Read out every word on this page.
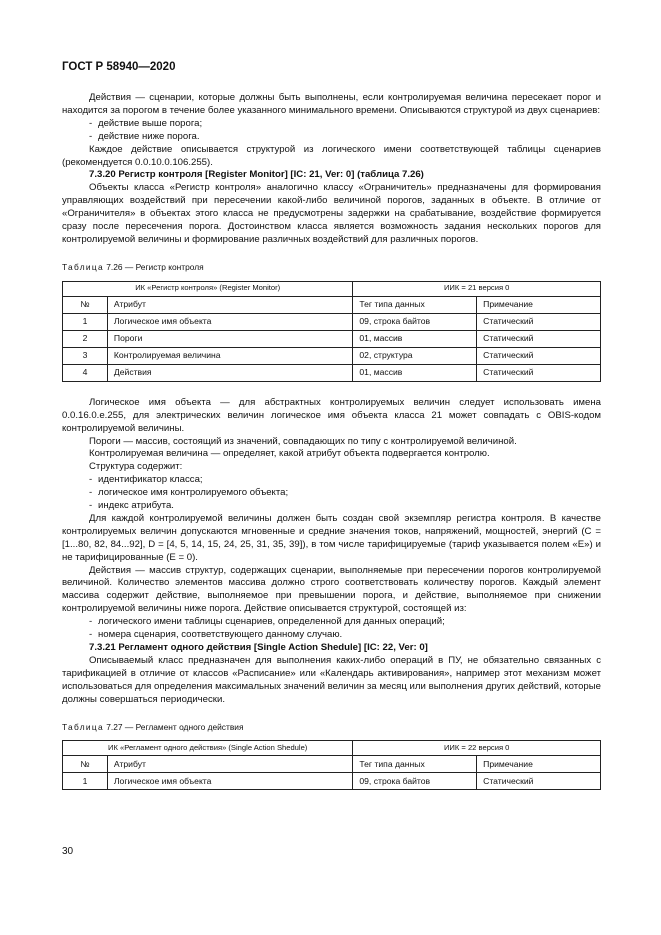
ГОСТ Р 58940—2020

Действия — сценарии, которые должны быть выполнены, если контролируемая величина пересекает порог и находится за порогом в течение более указанного минимального времени. Описываются структурой из двух сценариев:

- действие выше порога;

- действие ниже порога.

Каждое действие описывается структурой из логического имени соответствующей таблицы сценариев (рекомендуется 0.0.10.0.106.255).

7.3.20 Регистр контроля [Register Monitor] [IC: 21, Ver: 0] (таблица 7.26)

Объекты класса «Регистр контроля» аналогично классу «Ограничитель» предназначены для формирования управляющих воздействий при пересечении какой-либо величиной порогов, заданных в объекте. В отличие от «Ограничителя» в объектах этого класса не предусмотрены задержки на срабатывание, воздействие формируется сразу после пересечения порога. Достоинством класса является возможность задания нескольких порогов для контролируемой величины и формирование различных воздействий для различных порогов.

Таблица 7.26 — Регистр контроля

ИК «Регистр контроля» (Register Monitor)		ИИК = 21 версия 0	
№	Атрибут	Тег типа данных	Примечание
1	Логическое имя объекта	09, строка байтов	Статический
2	Пороги	01, массив	Статический
3	Контролируемая величина	02, структура	Статический
4	Действия	01, массив	Статический

Логическое имя объекта — для абстрактных контролируемых величин следует использовать имена 0.0.16.0.е.255, для электрических величин логическое имя объекта класса 21 может совпадать с OBIS-кодом контролируемой величины.

Пороги — массив, состоящий из значений, совпадающих по типу с контролируемой величиной.

Контролируемая величина — определяет, какой атрибут объекта подвергается контролю.

Структура содержит:

- идентификатор класса;

- логическое имя контролируемого объекта;

- индекс атрибута.

Для каждой контролируемой величины должен быть создан свой экземпляр регистра контроля. В качестве контролируемых величин допускаются мгновенные и средние значения токов, напряжений, мощностей, энергий (С = [1...80, 82, 84...92], D = [4, 5, 14, 15, 24, 25, 31, 35, 39]), в том числе тарифицируемые (тариф указывается полем «Е») и не тарифицированные (Е = 0).

Действия — массив структур, содержащих сценарии, выполняемые при пересечении порогов контролируемой величиной. Количество элементов массива должно строго соответствовать количеству порогов. Каждый элемент массива содержит действие, выполняемое при превышении порога, и действие, выполняемое при снижении контролируемой величины ниже порога. Действие описывается структурой, состоящей из:

- логического имени таблицы сценариев, определенной для данных операций;

- номера сценария, соответствующего данному случаю.

7.3.21 Регламент одного действия [Single Action Shedule] [IC: 22, Ver: 0]

Описываемый класс предназначен для выполнения каких-либо операций в ПУ, не обязательно связанных с тарификацией в отличие от классов «Расписание» или «Календарь активирования», например этот механизм может использоваться для определения максимальных значений величин за месяц или выполнения других действий, которые должны совершаться периодически.

Таблица 7.27 — Регламент одного действия

ИК «Регламент одного действия» (Single Action Shedule)		ИИК = 22 версия 0	
№	Атрибут	Тег типа данных	Примечание
1	Логическое имя объекта	09, строка байтов	Статический
30
